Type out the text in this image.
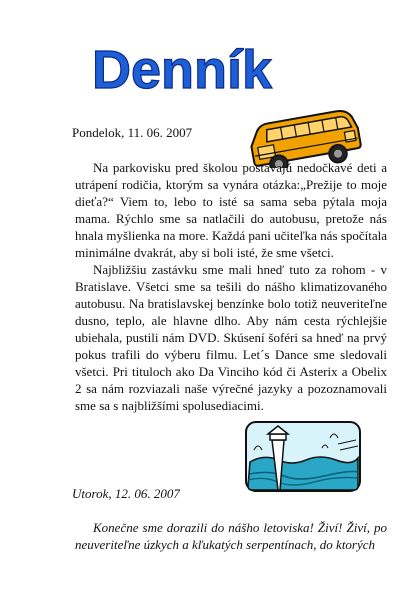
Denník
Pondelok, 11. 06. 2007

Na parkovisku pred školou postávajú nedočkavé deti a utrápení rodičia, ktorým sa vynára otázka:„Prežije to moje dieťa?“ Viem to, lebo to isté sa sama seba pýtala moja mama. Rýchlo sme sa natlačili do autobusu, pretože nás hnala myšlienka na more. Každá pani učiteľka nás spočítala minimálne dvakrát, aby si boli isté, že sme všetci.

Najbližšiu zastávku sme mali hneď tuto za rohom - v Bratislave. Všetci sme sa tešili do nášho klimatizovaného autobusu. Na bratislavskej benzínke bolo totiž neuveriteľne dusno, teplo, ale hlavne dlho. Aby nám cesta rýchlejšie ubiehala, pustili nám DVD. Skúsení šoféri sa hneď na prvý pokus trafili do výberu filmu. Let´s Dance sme sledovali všetci. Pri tituloch ako Da Vinciho kód či Asterix a Obelix 2 sa nám rozviazali naše výrečné jazyky a pozoznamovali sme sa s najbližšími spolusediacimi.

Utorok, 12. 06. 2007

Konečne sme dorazili do nášho letoviska! Živí! Živí, po neuveriteľne úzkych a kľukatých serpentínach, do ktorých
